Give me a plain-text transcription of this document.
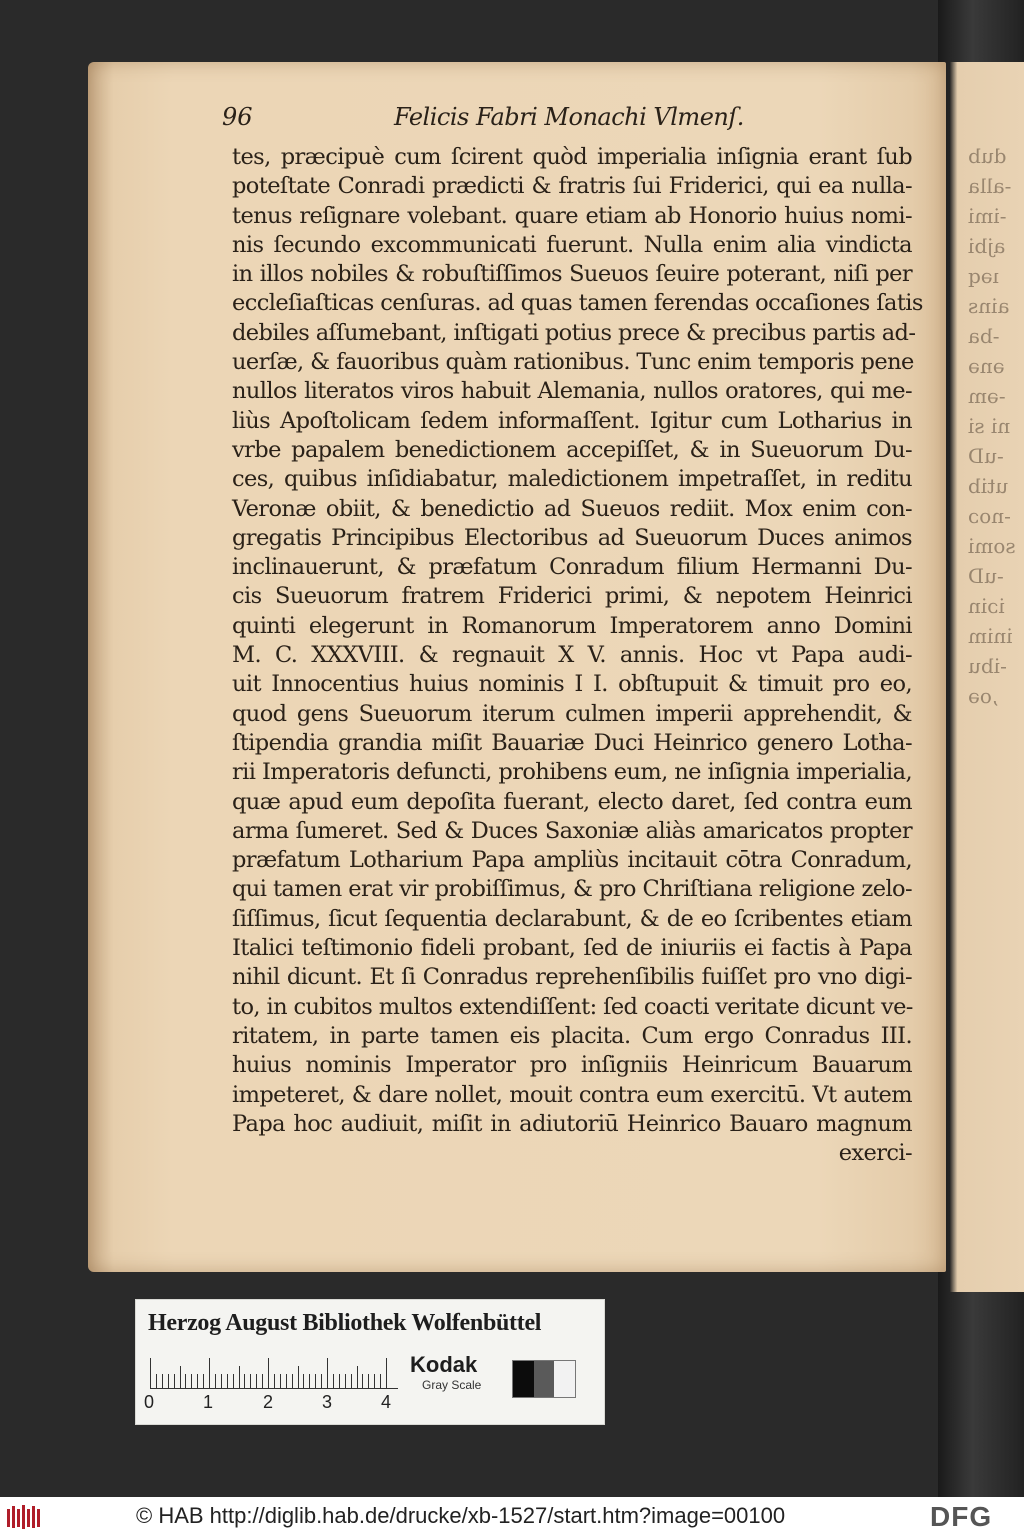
dub
-alla
-imi
ajbi
ıəq
ains
-ba
ənə
-əm
ni si
-uD
utib
-noɔ
somi
-uD
iɔin
inim
-ibu
,oə
96	Felicis Fabri Monachi Vlmenſ.
tes, præcipuè cum ſcirent quòd imperialia inſignia erant ſub
poteſtate Conradi prædicti & fratris ſui Friderici, qui ea nulla-
tenus reſignare volebant. quare etiam ab Honorio huius nomi-
nis ſecundo excommunicati fuerunt. Nulla enim alia vindicta
in illos nobiles & robuſtiſſimos Sueuos ſeuire poterant, niſi per
eccleſiaſticas cenſuras. ad quas tamen ferendas occaſiones ſatis
debiles aſſumebant, inſtigati potius prece & precibus partis ad-
uerſæ, & fauoribus quàm rationibus. Tunc enim temporis pene
nullos literatos viros habuit Alemania, nullos oratores, qui me-
liùs Apoſtolicam ſedem informaſſent. Igitur cum Lotharius in
vrbe papalem benedictionem accepiſſet, & in Sueuorum Du-
ces, quibus inſidiabatur, maledictionem impetraſſet, in reditu
Veronæ obiit, & benedictio ad Sueuos rediit. Mox enim con-
gregatis Principibus Electoribus ad Sueuorum Duces animos
inclinauerunt, & præfatum Conradum filium Hermanni Du-
cis Sueuorum fratrem Friderici primi, & nepotem Heinrici
quinti elegerunt in Romanorum Imperatorem anno Domini
M. C. XXXVIII. & regnauit X V. annis. Hoc vt Papa audi-
uit Innocentius huius nominis I I. obſtupuit & timuit pro eo,
quod gens Sueuorum iterum culmen imperii apprehendit, &
ſtipendia grandia miſit Bauariæ Duci Heinrico genero Lotha-
rii Imperatoris defuncti, prohibens eum, ne inſignia imperialia,
quæ apud eum depoſita fuerant, electo daret, ſed contra eum
arma ſumeret. Sed & Duces Saxoniæ aliàs amaricatos propter
præfatum Lotharium Papa ampliùs incitauit cōtra Conradum,
qui tamen erat vir probiſſimus, & pro Chriſtiana religione zelo-
ſiſſimus, ſicut ſequentia declarabunt, & de eo ſcribentes etiam
Italici teſtimonio fideli probant, ſed de iniuriis ei factis à Papa
nihil dicunt. Et ſi Conradus reprehenſibilis fuiſſet pro vno digi-
to, in cubitos multos extendiſſent: ſed coacti veritate dicunt ve-
ritatem, in parte tamen eis placita. Cum ergo Conradus III.
huius nominis Imperator pro inſigniis Heinricum Bauarum
impeteret, & dare nollet, mouit contra eum exercitū. Vt autem
Papa hoc audiuit, miſit in adiutoriū Heinrico Bauaro magnum
exerci-
Herzog August Bibliothek Wolfenbüttel
0	1	2	3	4
Kodak
Gray Scale
© HAB http://diglib.hab.de/drucke/xb-1527/start.htm?image=00100	DFG
